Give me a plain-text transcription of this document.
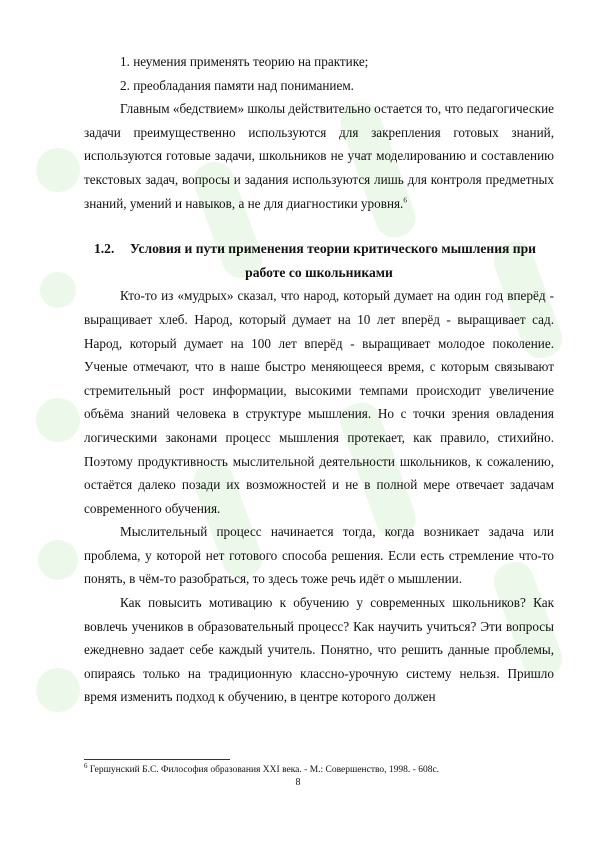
1. неумения применять теорию на практике;

2. преобладания памяти над пониманием.

Главным «бедствием» школы действительно остается то, что педагогические задачи преимущественно используются для закрепления готовых знаний, используются готовые задачи, школьников не учат моделированию и составлению текстовых задач, вопросы и задания используются лишь для контроля предметных знаний, умений и навыков, а не для диагностики уровня.$^6$

1.2. Условия и пути применения теории критического мышления при работе со школьниками

Кто-то из «мудрых» сказал, что народ, который думает на один год вперёд - выращивает хлеб. Народ, который думает на 10 лет вперёд - выращивает сад. Народ, который думает на 100 лет вперёд - выращивает молодое поколение. Ученые отмечают, что в наше быстро меняющееся время, с которым связывают стремительный рост информации, высокими темпами происходит увеличение объёма знаний человека в структуре мышления. Но с точки зрения овладения логическими законами процесс мышления протекает, как правило, стихийно. Поэтому продуктивность мыслительной деятельности школьников, к сожалению, остаётся далеко позади их возможностей и не в полной мере отвечает задачам современного обучения.

Мыслительный процесс начинается тогда, когда возникает задача или проблема, у которой нет готового способа решения. Если есть стремление что-то понять, в чём-то разобраться, то здесь тоже речь идёт о мышлении.

Как повысить мотивацию к обучению у современных школьников? Как вовлечь учеников в образовательный процесс? Как научить учиться? Эти вопросы ежедневно задает себе каждый учитель. Понятно, что решить данные проблемы, опираясь только на традиционную классно-урочную систему нельзя. Пришло время изменить подход к обучению, в центре которого должен

$^6$ Гершунский Б.С. Философия образования XXI века. - М.: Совершенство, 1998. - 608с.
8
